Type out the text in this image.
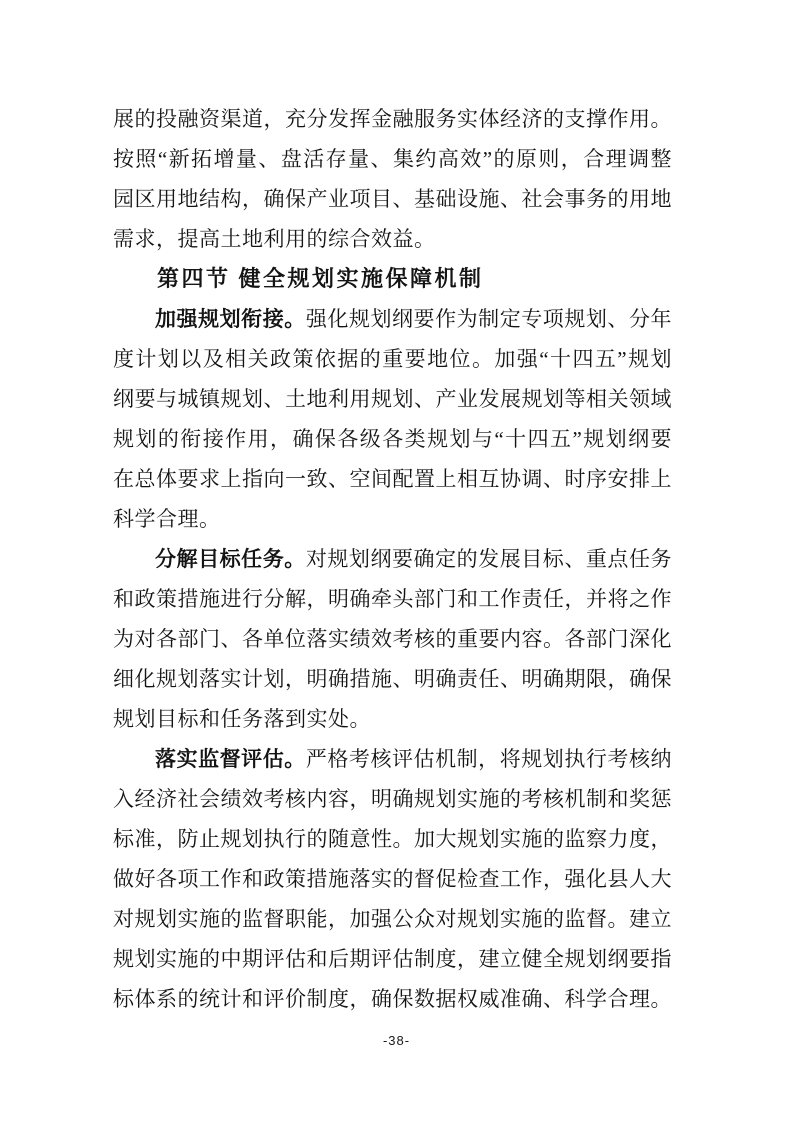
展的投融资渠道，充分发挥金融服务实体经济的支撑作用。

按照“新拓增量、盘活存量、集约高效”的原则，合理调整

园区用地结构，确保产业项目、基础设施、社会事务的用地

需求，提高土地利用的综合效益。

第四节 健全规划实施保障机制

加强规划衔接。强化规划纲要作为制定专项规划、分年

度计划以及相关政策依据的重要地位。加强“十四五”规划

纲要与城镇规划、土地利用规划、产业发展规划等相关领域

规划的衔接作用，确保各级各类规划与“十四五”规划纲要

在总体要求上指向一致、空间配置上相互协调、时序安排上

科学合理。

分解目标任务。对规划纲要确定的发展目标、重点任务

和政策措施进行分解，明确牵头部门和工作责任，并将之作

为对各部门、各单位落实绩效考核的重要内容。各部门深化

细化规划落实计划，明确措施、明确责任、明确期限，确保

规划目标和任务落到实处。

落实监督评估。严格考核评估机制，将规划执行考核纳

入经济社会绩效考核内容，明确规划实施的考核机制和奖惩

标准，防止规划执行的随意性。加大规划实施的监察力度，

做好各项工作和政策措施落实的督促检查工作，强化县人大

对规划实施的监督职能，加强公众对规划实施的监督。建立

规划实施的中期评估和后期评估制度，建立健全规划纲要指

标体系的统计和评价制度，确保数据权威准确、科学合理。

-38-
